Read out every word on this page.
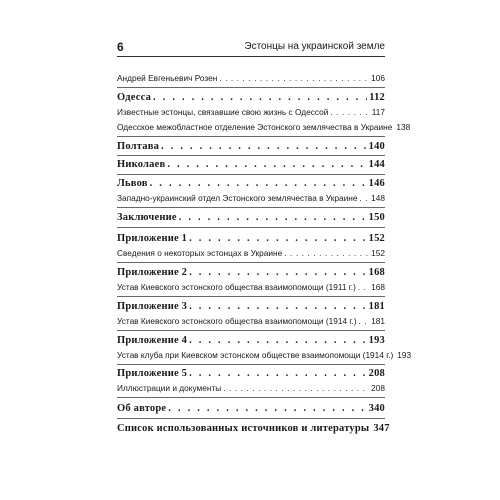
6	Эстонцы на украинской земле
Андрей Евгеньевич Розен . . .	106
Одесса . . .	112
Известные эстонцы, связавшие свою жизнь с Одессой . . .	117
Одесское межобластное отделение Эстонского землячества в Украине 138
Полтава . . .	140
Николаев . . .	144
Львов . . .	146
Западно-украинский отдел Эстонского землячества в Украине . . . 148
Заключение . . .	150
Приложение 1 . . .	152
Сведения о некоторых эстонцах в Украине . . .	152
Приложение 2 . . .	168
Устав Киевского эстонского общества взаимопомощи (1911 г.) . . . 168
Приложение 3 . . .	181
Устав Киевского эстонского общества взаимопомощи (1914 г.) . . . 181
Приложение 4 . . .	193
Устав клуба при Киевском эстонском обществе взаимопомощи (1914 г.) 193
Приложение 5 . . .	208
Иллюстрации и документы . . .	208
Об авторе . . .	340
Список использованных источников и литературы 347
